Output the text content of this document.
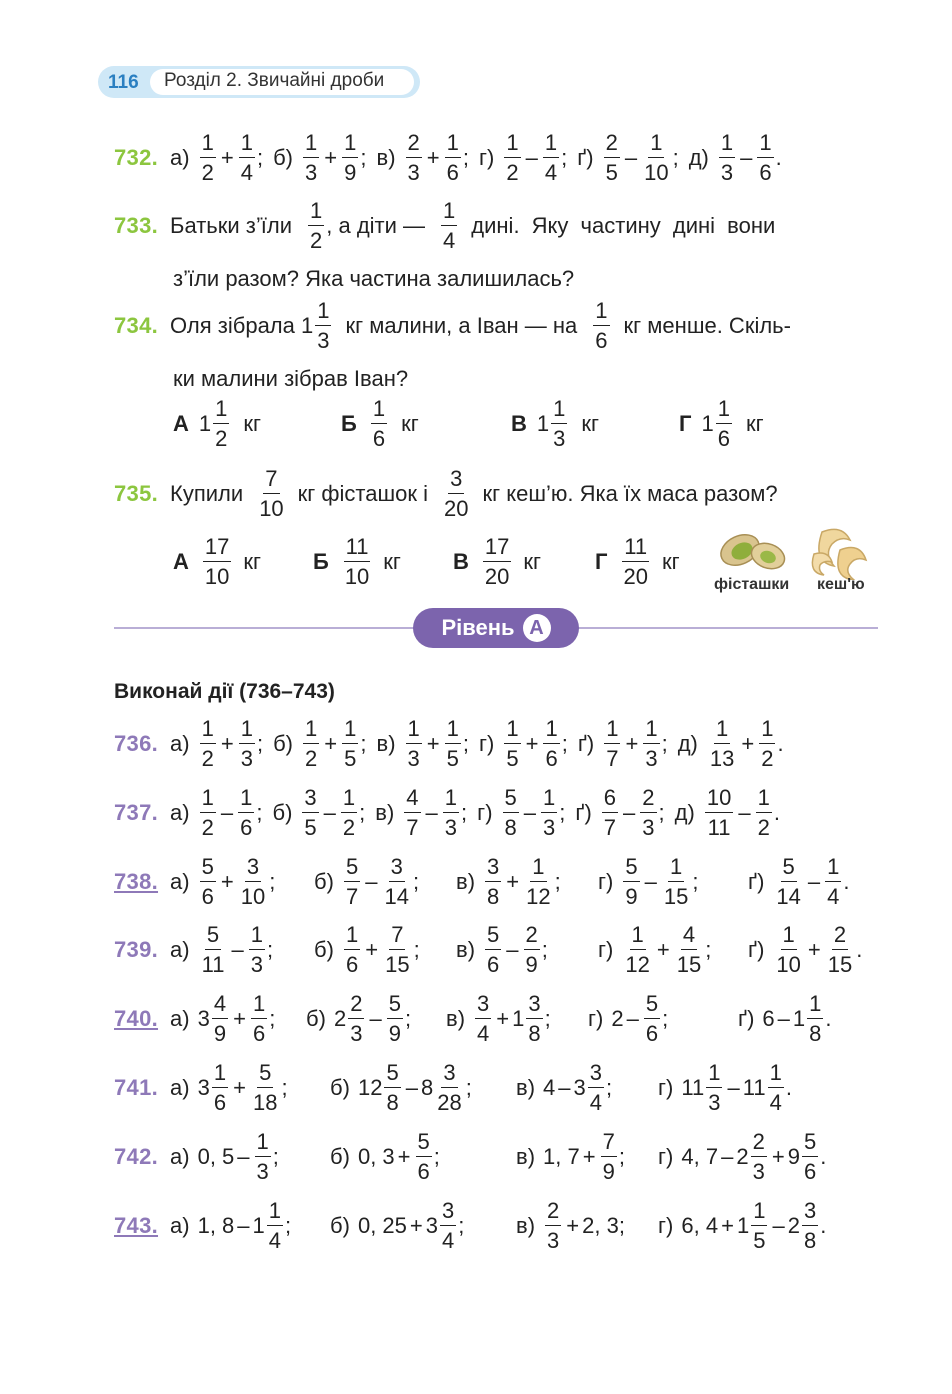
116 Розділ 2. Звичайні дроби
732. $а) \frac{1}{2} + \frac{1}{4}$ ; $б) \frac{1}{3} + \frac{1}{9}$ ; $в) \frac{2}{3} + \frac{1}{6}$ ; $г) \frac{1}{2} - \frac{1}{4}$ ; $ґ) \frac{2}{5} - \frac{1}{10}$ ; $д) \frac{1}{3} - \frac{1}{6}$ .
733. Батьки з’їли $\frac{1}{2}$ , а діти — $\frac{1}{4}$ дині. Яку частину дині вони
з’їли разом? Яка частина залишилась?
734. Оля зібрала $1 \frac{1}{3}$ кг малини, а Іван — на $\frac{1}{6}$ кг менше. Скіль-
ки малини зібрав Іван?
А $1 \frac{1}{2}$ кг	Б $\frac{1}{6}$ кг	В $1 \frac{1}{3}$ кг	Г $1 \frac{1}{6}$ кг
735. Купили $\frac{7}{10}$ кг фісташок і $\frac{3}{20}$ кг кеш’ю. Яка їх маса разом?
А $\frac{17}{10}$ кг Б $\frac{11}{10}$ кг В $\frac{17}{20}$ кг Г $\frac{11}{20}$ кг
фісташки кеш'ю
Рівень A
Виконай дії (736–743)
736. $а) \frac{1}{2} + \frac{1}{3}$ ; $б) \frac{1}{2} + \frac{1}{5}$ ; $в) \frac{1}{3} + \frac{1}{5}$ ; $г) \frac{1}{5} + \frac{1}{6}$ ; $ґ) \frac{1}{7} + \frac{1}{3}$ ; $д) \frac{1}{13} + \frac{1}{2}$ .
737. $а) \frac{1}{2} - \frac{1}{6}$ ; $б) \frac{3}{5} - \frac{1}{2}$ ; $в) \frac{4}{7} - \frac{1}{3}$ ; $г) \frac{5}{8} - \frac{1}{3}$ ; $ґ) \frac{6}{7} - \frac{2}{3}$ ; $д) \frac{10}{11} - \frac{1}{2}$ .
738. $а) \frac{5}{6} + \frac{3}{10}$ ;	$б) \frac{5}{7} - \frac{3}{14}$ ;	$в) \frac{3}{8} + \frac{1}{12}$ ;	$г) \frac{5}{9} - \frac{1}{15}$ ;	$ґ) \frac{5}{14} - \frac{1}{4}$ .
739. $а) \frac{5}{11} - \frac{1}{3}$ ;	$б) \frac{1}{6} + \frac{7}{15}$ ;	$в) \frac{5}{6} - \frac{2}{9}$ ;	$г) \frac{1}{12} + \frac{4}{15}$ ;	$ґ) \frac{1}{10} + \frac{2}{15}$ .
740. а) $3 \frac{4}{9} + \frac{1}{6}$ ;	б) $2 \frac{2}{3} - \frac{5}{9}$ ;	$в) \frac{3}{4} + 1 \frac{3}{8}$ ;	г) $2 - \frac{5}{6}$ ;	ґ) $6 - 1 \frac{1}{8}$ .
741. а) $3 \frac{1}{6} + \frac{5}{18}$ ;	б) $12 \frac{5}{8} - 8 \frac{3}{28}$ ;	в) $4 - 3 \frac{3}{4}$ ;	г) $11 \frac{1}{3} - 11 \frac{1}{4}$ .
742. а) 0, $5 - \frac{1}{3}$ ;	б) 0, $3 + \frac{5}{6}$ ;	в) 1, $7 + \frac{7}{9}$ ;	г) 4, $7 - 2 \frac{2}{3} + 9 \frac{5}{6}$ .
743. а) 1, $8 - 1 \frac{1}{4}$ ;	б) 0, $25 + 3 \frac{3}{4}$ ;	$в) \frac{2}{3} + 2$, 3 ;	г) 6, $4 + 1 \frac{1}{5} - 2 \frac{3}{8}$ .
